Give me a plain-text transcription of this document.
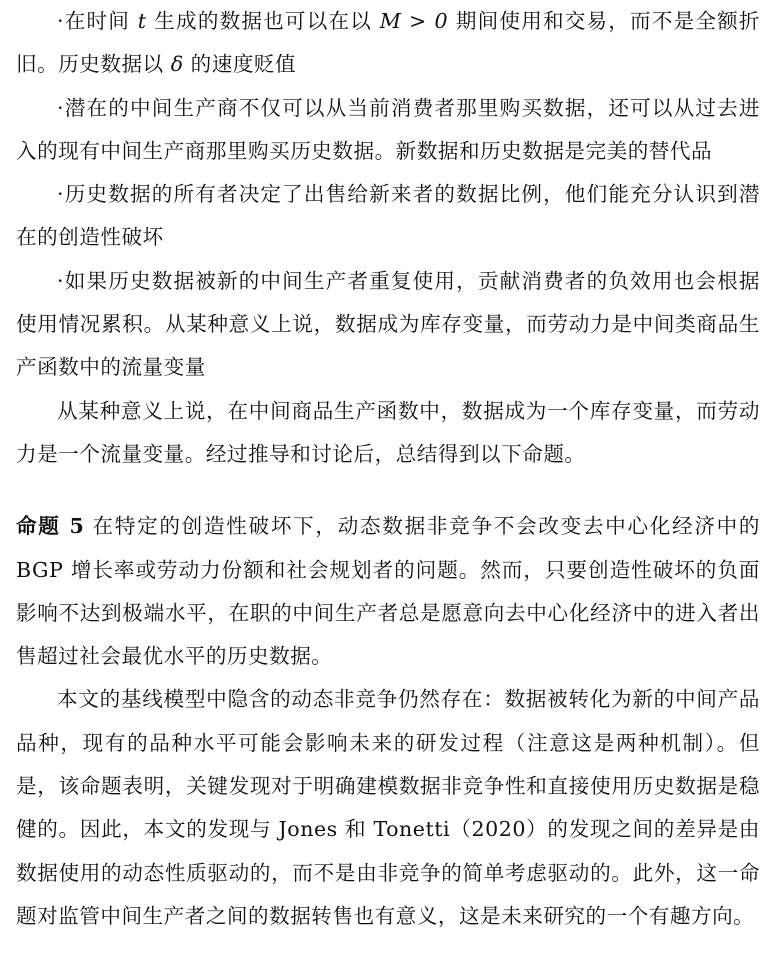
·在时间 t 生成的数据也可以在以 M > 0 期间使用和交易，而不是全额折旧。历史数据以 δ 的速度贬值

·潜在的中间生产商不仅可以从当前消费者那里购买数据，还可以从过去进入的现有中间生产商那里购买历史数据。新数据和历史数据是完美的替代品

·历史数据的所有者决定了出售给新来者的数据比例，他们能充分认识到潜在的创造性破坏

·如果历史数据被新的中间生产者重复使用，贡献消费者的负效用也会根据使用情况累积。从某种意义上说，数据成为库存变量，而劳动力是中间类商品生产函数中的流量变量

从某种意义上说，在中间商品生产函数中，数据成为一个库存变量，而劳动力是一个流量变量。经过推导和讨论后，总结得到以下命题。

命题 5 在特定的创造性破坏下，动态数据非竞争不会改变去中心化经济中的 BGP 增长率或劳动力份额和社会规划者的问题。然而，只要创造性破坏的负面影响不达到极端水平，在职的中间生产者总是愿意向去中心化经济中的进入者出售超过社会最优水平的历史数据。

本文的基线模型中隐含的动态非竞争仍然存在：数据被转化为新的中间产品品种，现有的品种水平可能会影响未来的研发过程（注意这是两种机制）。但是，该命题表明，关键发现对于明确建模数据非竞争性和直接使用历史数据是稳健的。因此，本文的发现与 Jones 和 Tonetti（2020）的发现之间的差异是由数据使用的动态性质驱动的，而不是由非竞争的简单考虑驱动的。此外，这一命题对监管中间生产者之间的数据转售也有意义，这是未来研究的一个有趣方向。
